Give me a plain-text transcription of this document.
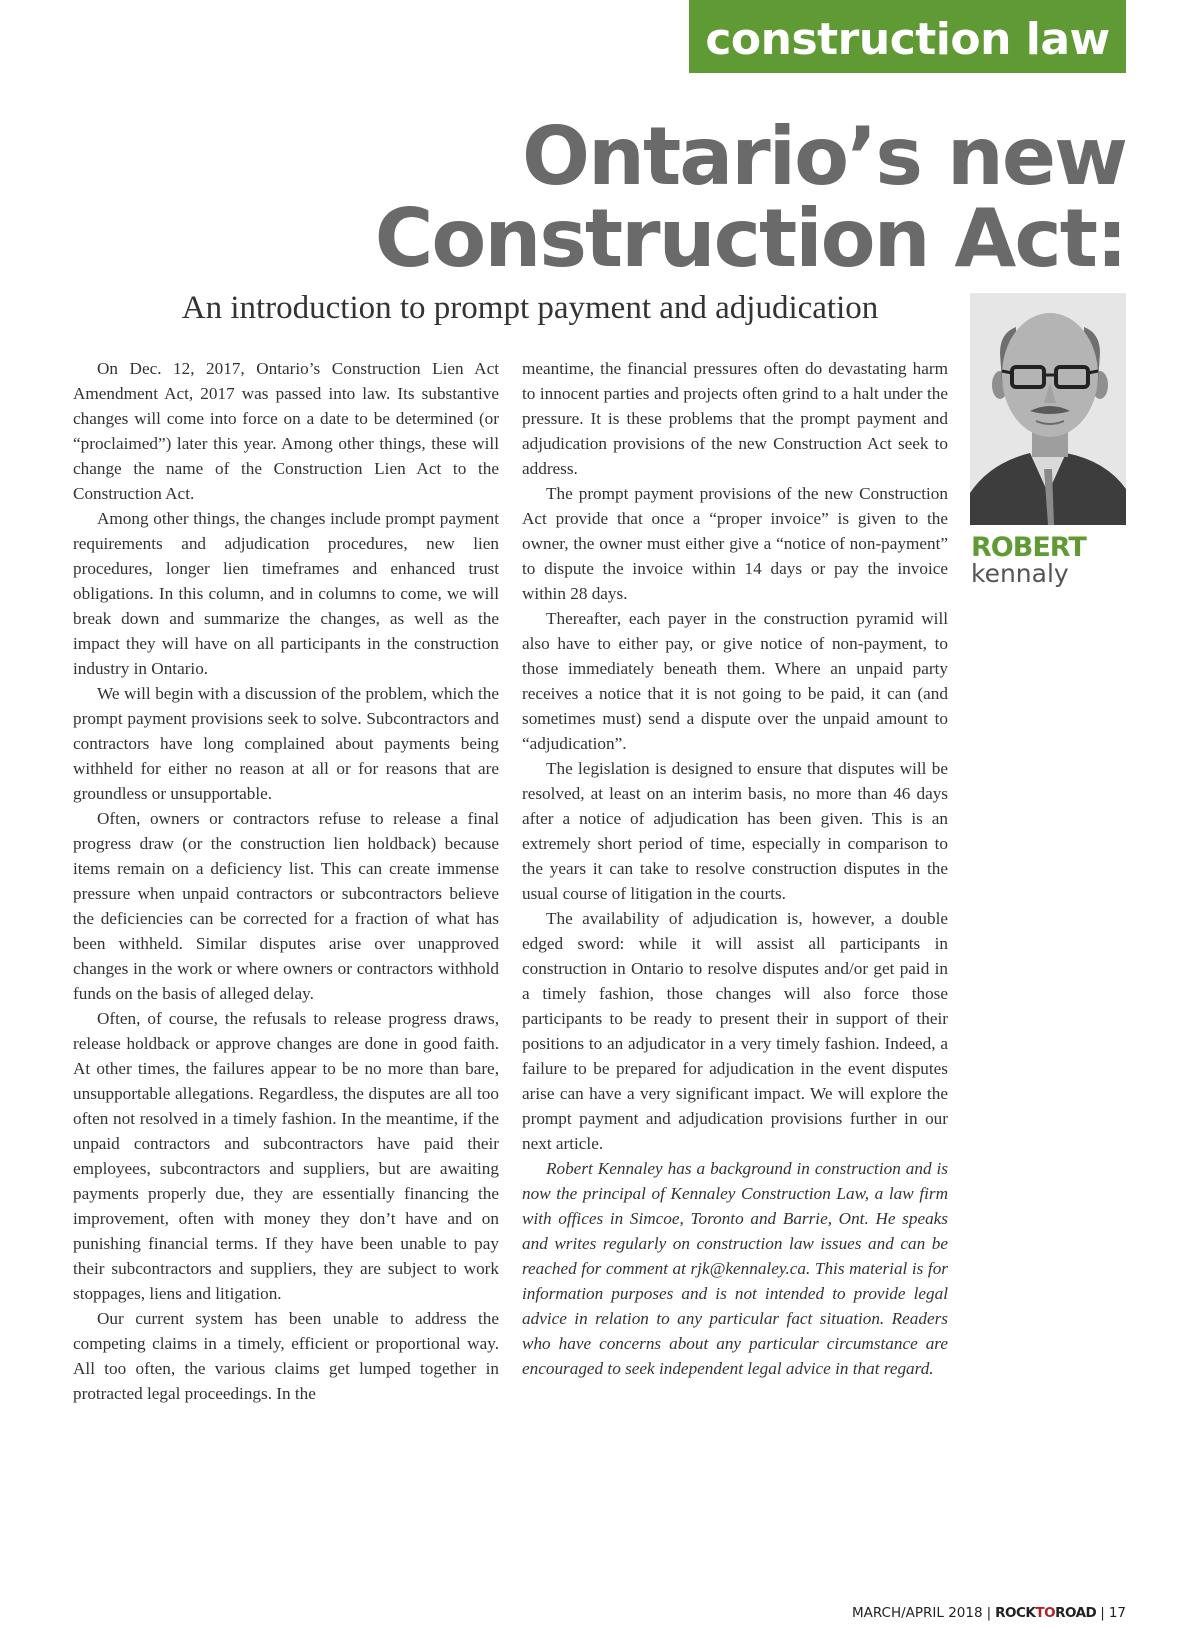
construction law
Ontario’s new
Construction Act:
An introduction to prompt payment and adjudication

On Dec. 12, 2017, Ontario’s Construction Lien Act Amendment Act, 2017 was passed into law. Its substantive changes will come into force on a date to be determined (or “proclaimed”) later this year. Among other things, these will change the name of the Construction Lien Act to the Construction Act.

Among other things, the changes include prompt payment requirements and adjudication procedures, new lien procedures, longer lien timeframes and enhanced trust obligations. In this column, and in columns to come, we will break down and summarize the changes, as well as the impact they will have on all participants in the construction industry in Ontario.

We will begin with a discussion of the problem, which the prompt payment provisions seek to solve. Subcontractors and contractors have long complained about payments being withheld for either no reason at all or for reasons that are groundless or unsupportable.

Often, owners or contractors refuse to release a final progress draw (or the construction lien holdback) because items remain on a deficiency list. This can create immense pressure when unpaid contractors or subcontractors believe the deficiencies can be corrected for a fraction of what has been withheld. Similar disputes arise over unapproved changes in the work or where owners or contractors withhold funds on the basis of alleged delay.

Often, of course, the refusals to release progress draws, release holdback or approve changes are done in good faith. At other times, the failures appear to be no more than bare, unsupportable allegations. Regardless, the disputes are all too often not resolved in a timely fashion. In the meantime, if the unpaid contractors and subcontractors have paid their employees, subcontractors and suppliers, but are awaiting payments properly due, they are essentially financing the improvement, often with money they don’t have and on punishing financial terms. If they have been unable to pay their subcontractors and suppliers, they are subject to work stoppages, liens and litigation.

Our current system has been unable to address the competing claims in a timely, efficient or proportional way. All too often, the various claims get lumped together in protracted legal proceedings. In the

meantime, the financial pressures often do devastating harm to innocent parties and projects often grind to a halt under the pressure. It is these problems that the prompt payment and adjudication provisions of the new Construction Act seek to address.

The prompt payment provisions of the new Construction Act provide that once a “proper invoice” is given to the owner, the owner must either give a “notice of non-payment” to dispute the invoice within 14 days or pay the invoice within 28 days.

Thereafter, each payer in the construction pyramid will also have to either pay, or give notice of non-payment, to those immediately beneath them. Where an unpaid party receives a notice that it is not going to be paid, it can (and sometimes must) send a dispute over the unpaid amount to “adjudication”.

The legislation is designed to ensure that disputes will be resolved, at least on an interim basis, no more than 46 days after a notice of adjudication has been given. This is an extremely short period of time, especially in comparison to the years it can take to resolve construction disputes in the usual course of litigation in the courts.

The availability of adjudication is, however, a double edged sword: while it will assist all participants in construction in Ontario to resolve disputes and/or get paid in a timely fashion, those changes will also force those participants to be ready to present their in support of their positions to an adjudicator in a very timely fashion. Indeed, a failure to be prepared for adjudication in the event disputes arise can have a very significant impact. We will explore the prompt payment and adjudication provisions further in our next article.

Robert Kennaley has a background in construction and is now the principal of Kennaley Construction Law, a law firm with offices in Simcoe, Toronto and Barrie, Ont. He speaks and writes regularly on construction law issues and can be reached for comment at rjk@kennaley.ca. This material is for information purposes and is not intended to provide legal advice in relation to any particular fact situation. Readers who have concerns about any particular circumstance are encouraged to seek independent legal advice in that regard.

ROBERT
kennaly
MARCH/APRIL 2018 | ROCKTOROAD | 17
